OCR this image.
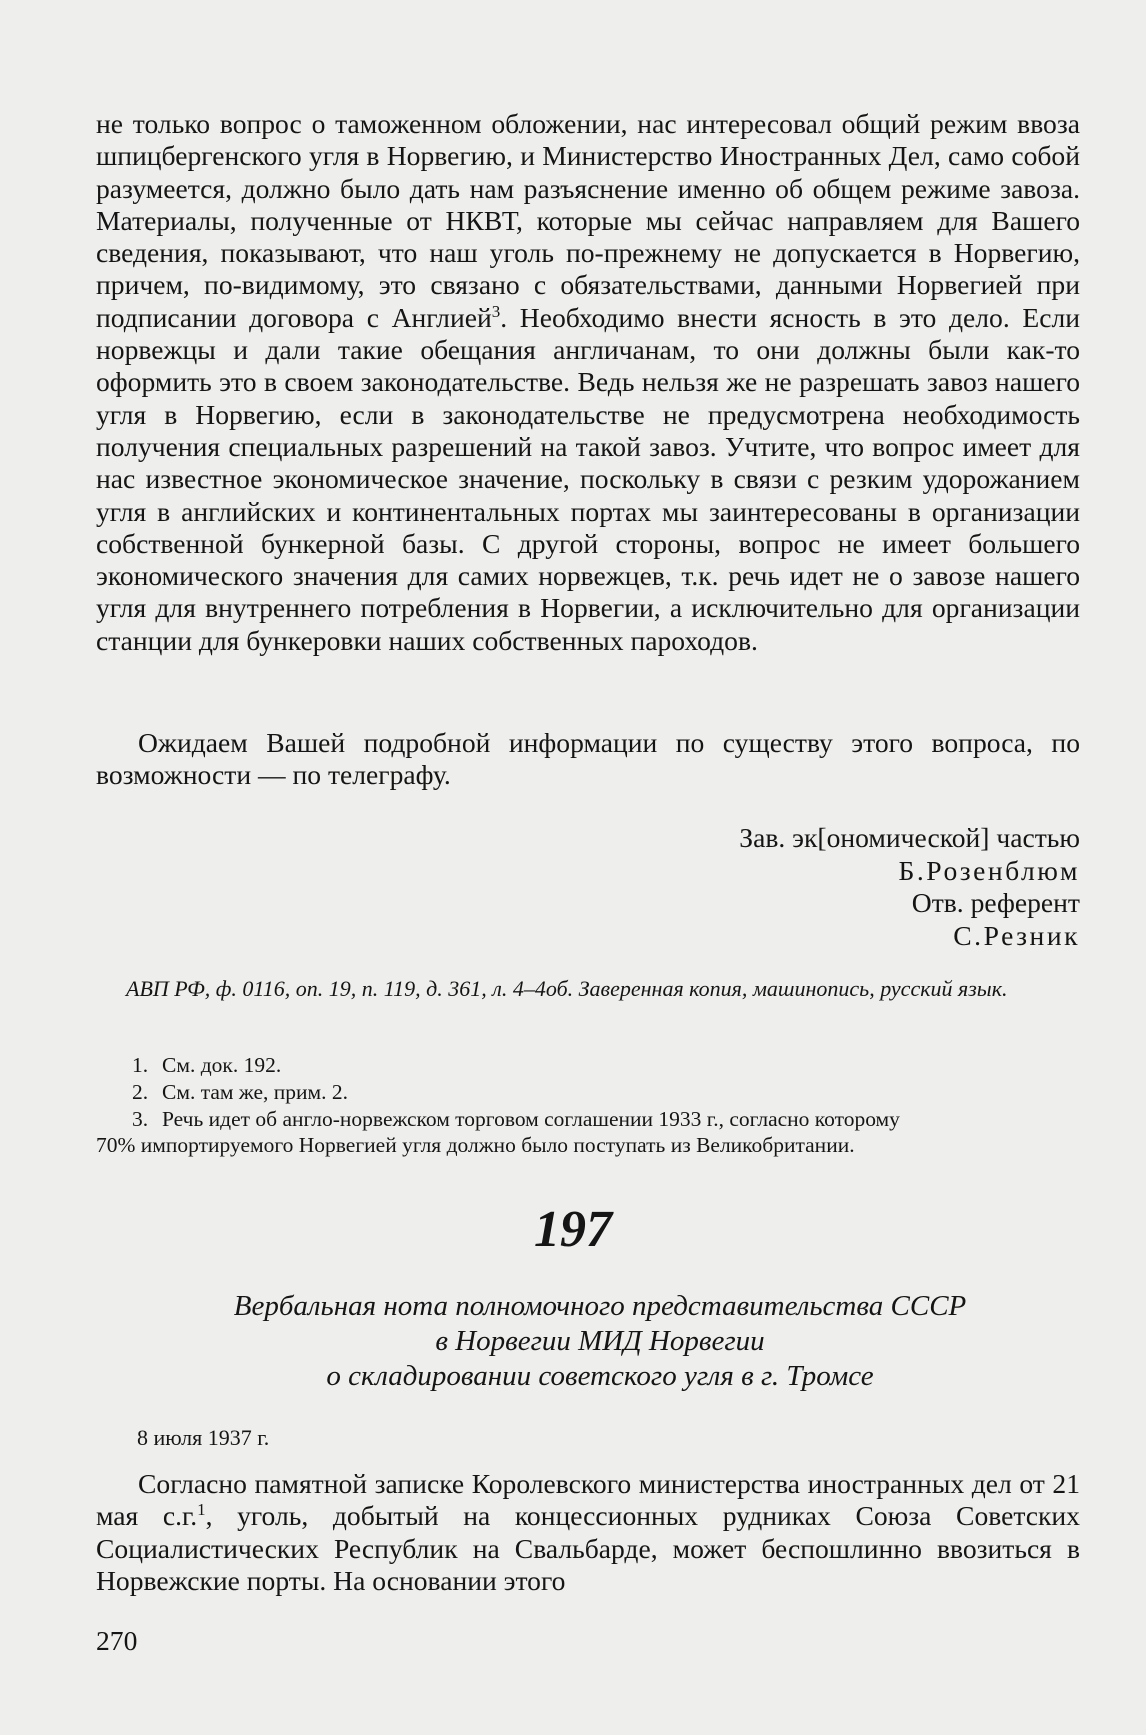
не только вопрос о таможенном обложении, нас интересовал общий режим ввоза шпицбергенского угля в Норвегию, и Министерство Иностранных Дел, само собой разумеется, должно было дать нам разъяснение именно об общем режиме завоза. Материалы, полученные от НКВТ, которые мы сейчас направляем для Вашего сведения, показывают, что наш уголь по-прежнему не допускается в Норвегию, причем, по-видимому, это связано с обязательствами, данными Норвегией при подписании договора с Англией$^3$. Необходимо внести ясность в это дело. Если норвежцы и дали такие обещания англичанам, то они должны были как-то оформить это в своем законодательстве. Ведь нельзя же не разрешать завоз нашего угля в Норвегию, если в законодательстве не предусмотрена необходимость получения специальных разрешений на такой завоз. Учтите, что вопрос имеет для нас известное экономическое значение, поскольку в связи с резким удорожанием угля в английских и континентальных портах мы заинтересованы в организации собственной бункерной базы. С другой стороны, вопрос не имеет большего экономического значения для самих норвежцев, т.к. речь идет не о завозе нашего угля для внутреннего потребления в Норвегии, а исключительно для организации станции для бункеровки наших собственных пароходов.

Ожидаем Вашей подробной информации по существу этого вопроса, по возможности — по телеграфу.

Зав. эк[ономической] частью
Б.Розенблюм
Отв. референт
С.Резник

АВП РФ, ф. 0116, оп. 19, п. 119, д. 361, л. 4–4об. Заверенная копия, машинопись, русский язык.

1. См. док. 192.
2. См. там же, прим. 2.
3. Речь идет об англо-норвежском торговом соглашении 1933 г., согласно которому
70% импортируемого Норвегией угля должно было поступать из Великобритании.

197

Вербальная нота полномочного представительства СССР
в Норвегии МИД Норвегии
о складировании советского угля в г. Тромсе

8 июля 1937 г.

Согласно памятной записке Королевского министерства иностранных дел от 21 мая с.г.$^1$, уголь, добытый на концессионных рудниках Союза Советских Социалистических Республик на Свальбарде, может беспошлинно ввозиться в Норвежские порты. На основании этого

270
